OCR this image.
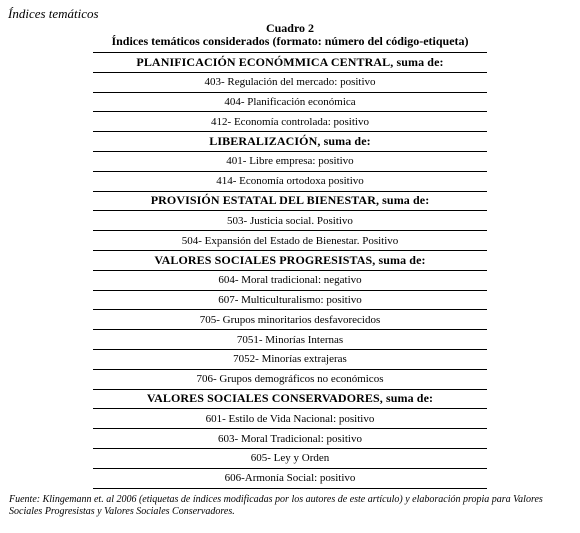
Índices temáticos
Cuadro 2
Índices temáticos considerados (formato: número del código-etiqueta)
PLANIFICACIÓN ECONÓMMICA CENTRAL, suma de:
403- Regulación del mercado: positivo
404- Planificación económica
412- Economía controlada: positivo
LIBERALIZACIÓN, suma de:
401- Libre empresa: positivo
414- Economía ortodoxa positivo
PROVISIÓN ESTATAL DEL BIENESTAR, suma de:
503- Justicia social. Positivo
504- Expansión del Estado de Bienestar. Positivo
VALORES SOCIALES PROGRESISTAS, suma de:
604- Moral tradicional: negativo
607- Multiculturalismo: positivo
705- Grupos minoritarios desfavorecidos
7051- Minorías Internas
7052- Minorías extrajeras
706- Grupos demográficos no económicos
VALORES SOCIALES CONSERVADORES, suma de:
601- Estilo de Vida Nacional: positivo
603- Moral Tradicional: positivo
605- Ley y Orden
606-Armonía Social: positivo
Fuente: Klingemann et. al 2006 (etiquetas de índices modificadas por los autores de este artículo) y elaboración propia para Valores Sociales Progresistas y Valores Sociales Conservadores.
